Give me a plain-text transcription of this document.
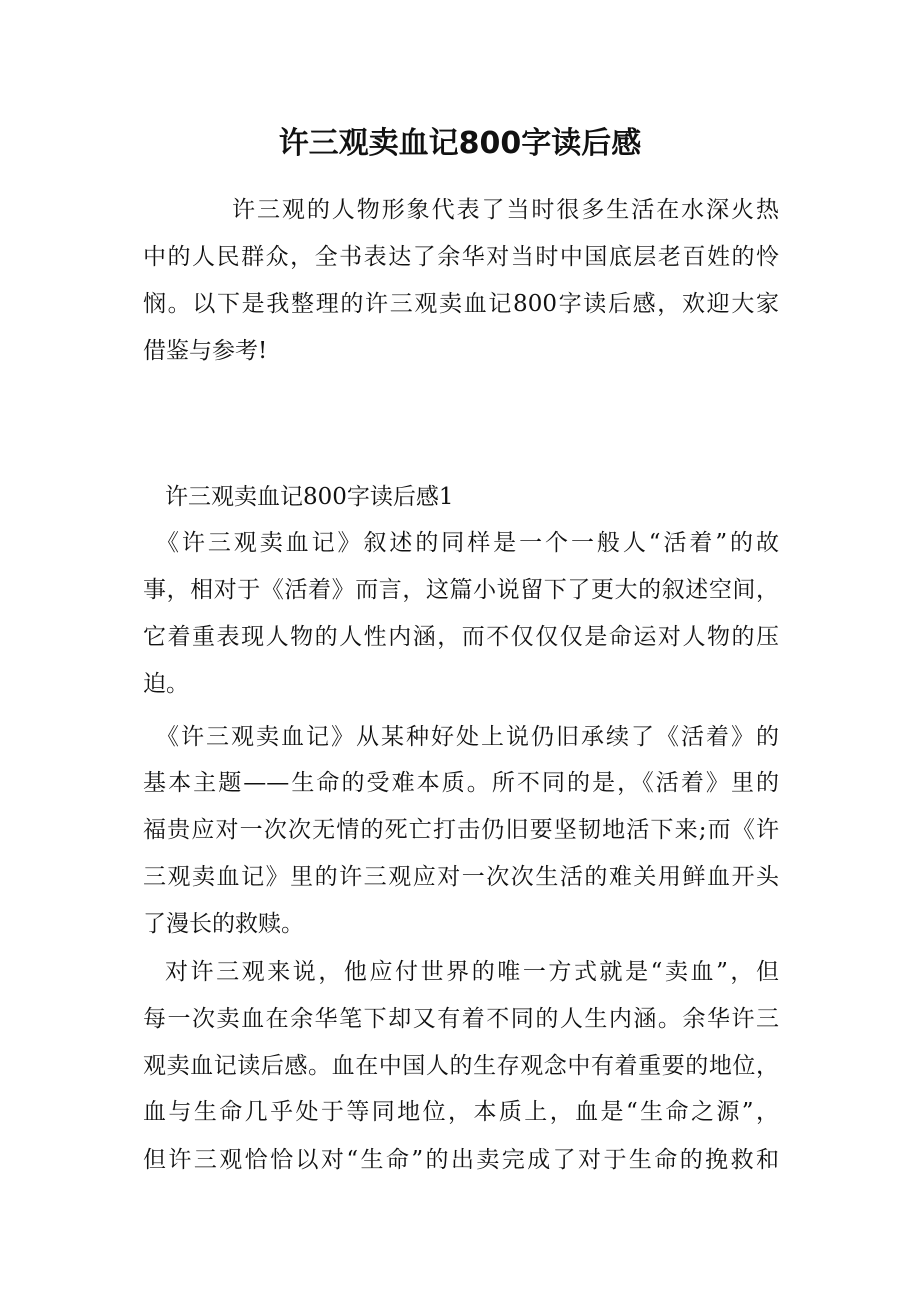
许三观卖血记800字读后感
许三观的人物形象代表了当时很多生活在水深火热
中的人民群众，全书表达了余华对当时中国底层老百姓的怜
悯。以下是我整理的许三观卖血记800字读后感，欢迎大家
借鉴与参考!
许三观卖血记800字读后感1
《许三观卖血记》叙述的同样是一个一般人“活着”的故
事，相对于《活着》而言，这篇小说留下了更大的叙述空间，
它着重表现人物的人性内涵，而不仅仅仅是命运对人物的压
迫。
《许三观卖血记》从某种好处上说仍旧承续了《活着》的
基本主题——生命的受难本质。所不同的是，《活着》里的
福贵应对一次次无情的死亡打击仍旧要坚韧地活下来;而《许
三观卖血记》里的许三观应对一次次生活的难关用鲜血开头
了漫长的救赎。
对许三观来说，他应付世界的唯一方式就是“卖血”，但
每一次卖血在余华笔下却又有着不同的人生内涵。余华许三
观卖血记读后感。血在中国人的生存观念中有着重要的地位，
血与生命几乎处于等同地位，本质上，血是“生命之源”，
但许三观恰恰以对“生命”的出卖完成了对于生命的挽救和
